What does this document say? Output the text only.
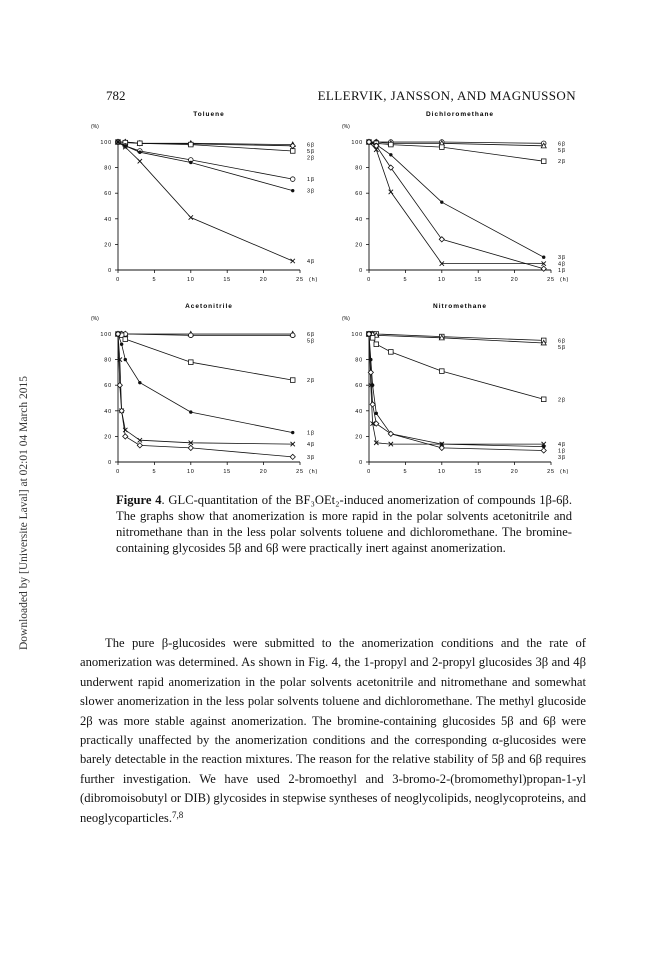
Downloaded by [Universite Laval] at 02:01 04 March 2015
782	ELLERVIK, JANSSON, AND MAGNUSSON
Toluene
(%)
0	5	10	15	20	25 (h)
0
20
40
60
80
100	6β
5β
2β
1β
3β
4β
Dichloromethane
(%)
0	5	10	15	20	25 (h)
0
20
40
60
80
100	6β
5β
2β
3β
4β
1β
Acetonitrile
(%)
0	5	10	15	20	25 (h)
0
20
40
60
80
100	6β
5β
2β
1β
4β
3β
Nitromethane
(%)
0	5	10	15	20	25 (h)
0
20
40
60
80
100
6β
5β
2β
1β
4β
3β

Figure 4. GLC-quantitation of the BF₃OEt₂-induced anomerization of compounds 1β-6β. The graphs show that anomerization is more rapid in the polar solvents acetonitrile and nitromethane than in the less polar solvents toluene and dichloromethane. The bromine-containing glycosides 5β and 6β were practically inert against anomerization.

The pure β-glucosides were submitted to the anomerization conditions and the rate of anomerization was determined. As shown in Fig. 4, the 1-propyl and 2-propyl glucosides 3β and 4β underwent rapid anomerization in the polar solvents acetonitrile and nitromethane and somewhat slower anomerization in the less polar solvents toluene and dichloromethane. The methyl glucoside 2β was more stable against anomerization. The bromine-containing glucosides 5β and 6β were practically unaffected by the anomerization conditions and the corresponding α-glucosides were barely detectable in the reaction mixtures. The reason for the relative stability of 5β and 6β requires further investigation. We have used 2-bromoethyl and 3-bromo-2-(bromomethyl)propan-1-yl (dibromoisobutyl or DIB) glycosides in stepwise syntheses of neoglycolipids, neoglycoproteins, and neoglycoparticles.$^{7,8}$
